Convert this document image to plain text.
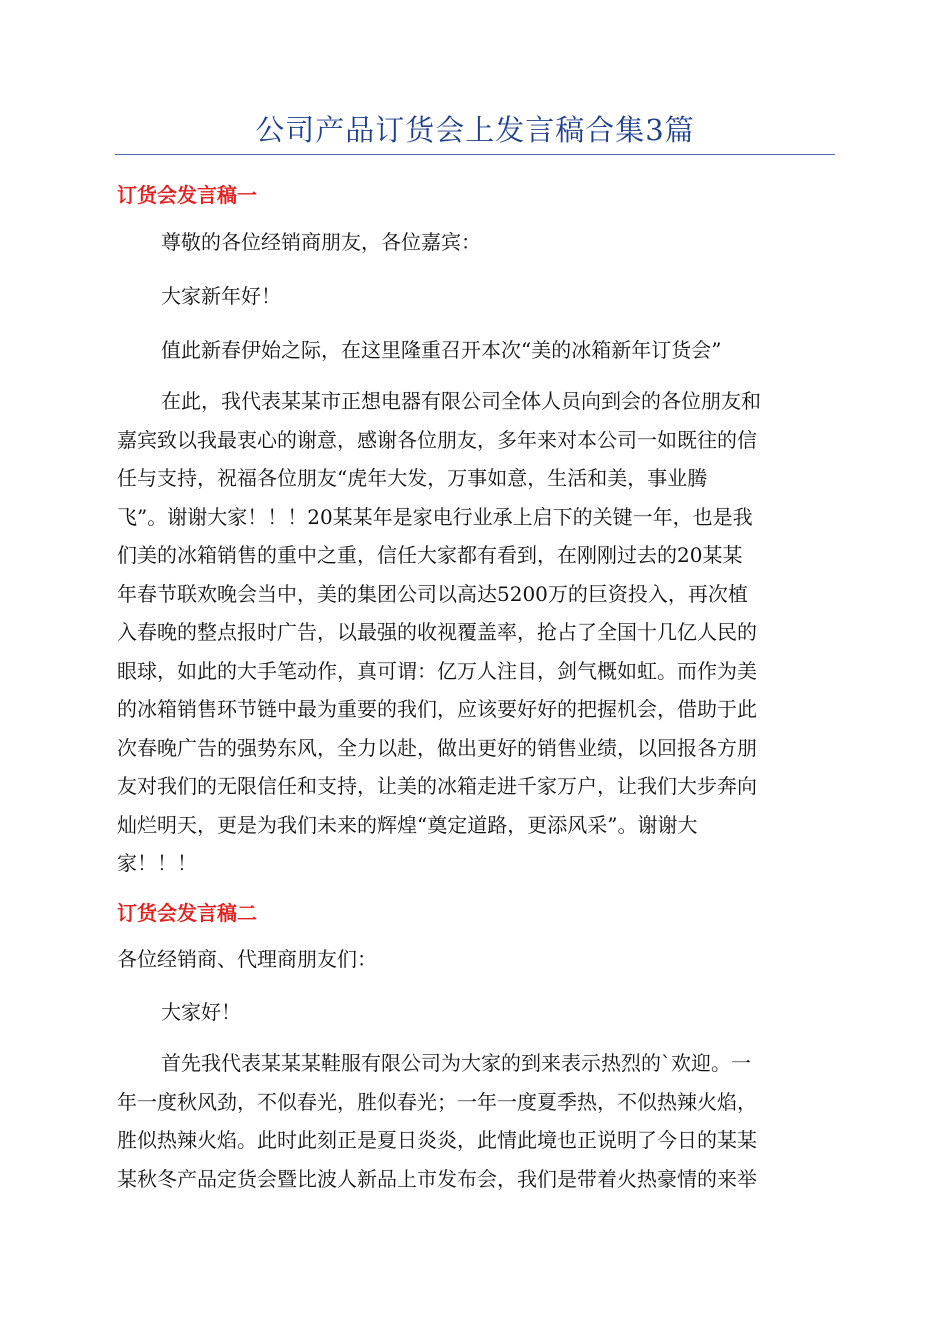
公司产品订货会上发言稿合集3篇
订货会发言稿一
尊敬的各位经销商朋友，各位嘉宾：
大家新年好！
值此新春伊始之际，在这里隆重召开本次“美的冰箱新年订货会”
在此，我代表某某市正想电器有限公司全体人员向到会的各位朋友和
嘉宾致以我最衷心的谢意，感谢各位朋友，多年来对本公司一如既往的信
任与支持，祝福各位朋友“虎年大发，万事如意，生活和美，事业腾
飞”。谢谢大家！！！20某某年是家电行业承上启下的关键一年，也是我
们美的冰箱销售的重中之重，信任大家都有看到，在刚刚过去的20某某
年春节联欢晚会当中，美的集团公司以高达5200万的巨资投入，再次植
入春晚的整点报时广告，以最强的收视覆盖率，抢占了全国十几亿人民的
眼球，如此的大手笔动作，真可谓：亿万人注目，剑气概如虹。而作为美
的冰箱销售环节链中最为重要的我们，应该要好好的把握机会，借助于此
次春晚广告的强势东风，全力以赴，做出更好的销售业绩，以回报各方朋
友对我们的无限信任和支持，让美的冰箱走进千家万户，让我们大步奔向
灿烂明天，更是为我们未来的辉煌“奠定道路，更添风采”。谢谢大
家！！！
订货会发言稿二
各位经销商、代理商朋友们：
大家好！
首先我代表某某某鞋服有限公司为大家的到来表示热烈的`欢迎。一
年一度秋风劲，不似春光，胜似春光；一年一度夏季热，不似热辣火焰，
胜似热辣火焰。此时此刻正是夏日炎炎，此情此境也正说明了今日的某某
某秋冬产品定货会暨比波人新品上市发布会，我们是带着火热豪情的来举
